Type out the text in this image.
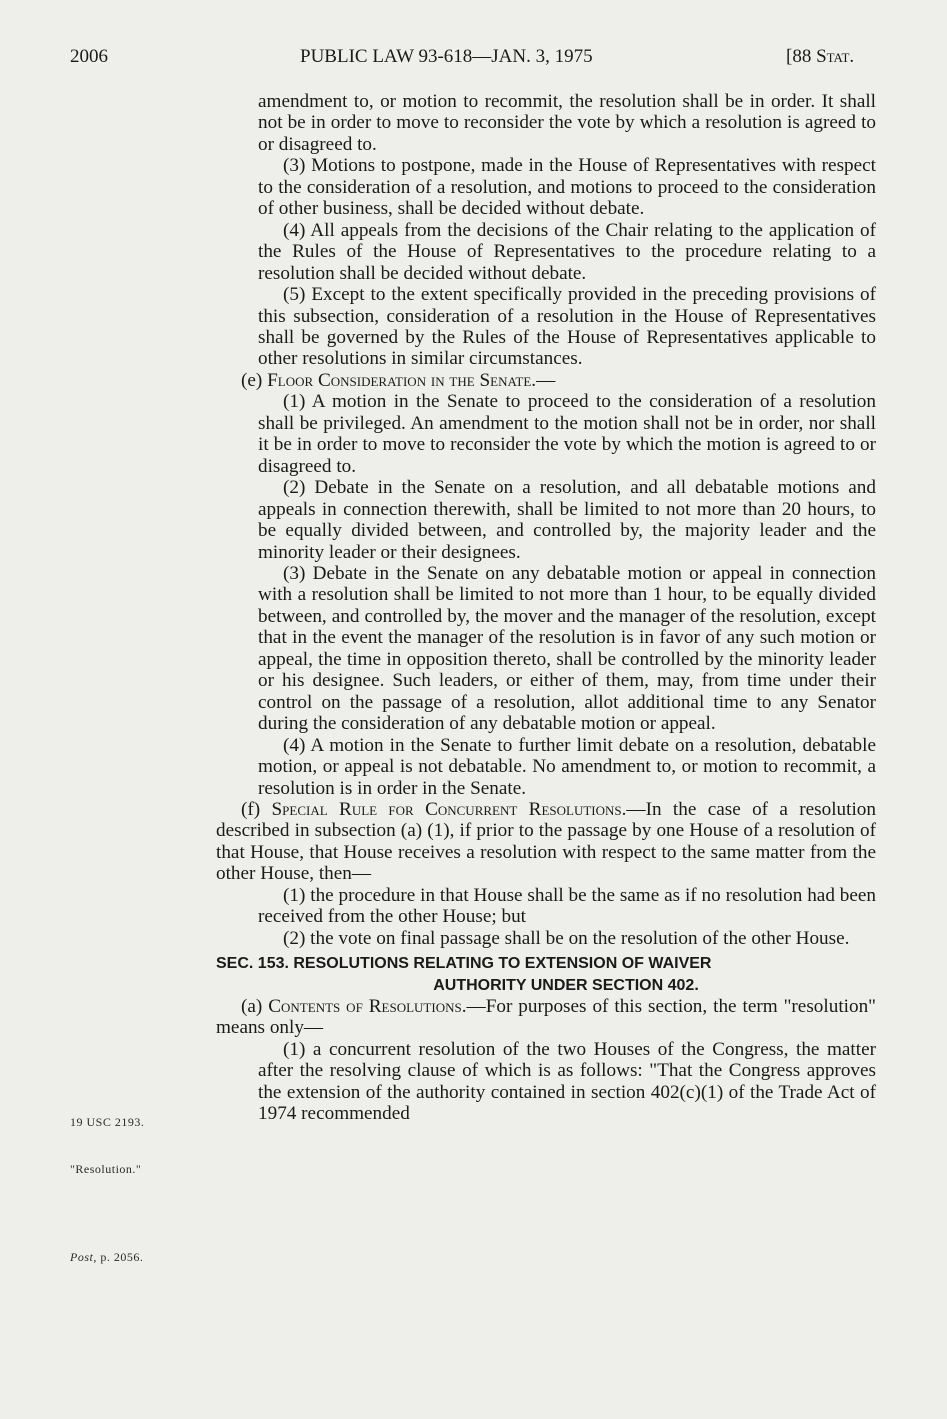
2006	PUBLIC LAW 93-618—JAN. 3, 1975	[88 Stat.

amendment to, or motion to recommit, the resolution shall be in order. It shall not be in order to move to reconsider the vote by which a resolution is agreed to or disagreed to.

(3) Motions to postpone, made in the House of Representatives with respect to the consideration of a resolution, and motions to proceed to the consideration of other business, shall be decided without debate.

(4) All appeals from the decisions of the Chair relating to the application of the Rules of the House of Representatives to the procedure relating to a resolution shall be decided without debate.

(5) Except to the extent specifically provided in the preceding provisions of this subsection, consideration of a resolution in the House of Representatives shall be governed by the Rules of the House of Representatives applicable to other resolutions in similar circumstances.

(e) Floor Consideration in the Senate.—

(1) A motion in the Senate to proceed to the consideration of a resolution shall be privileged. An amendment to the motion shall not be in order, nor shall it be in order to move to reconsider the vote by which the motion is agreed to or disagreed to.

(2) Debate in the Senate on a resolution, and all debatable motions and appeals in connection therewith, shall be limited to not more than 20 hours, to be equally divided between, and controlled by, the majority leader and the minority leader or their designees.

(3) Debate in the Senate on any debatable motion or appeal in connection with a resolution shall be limited to not more than 1 hour, to be equally divided between, and controlled by, the mover and the manager of the resolution, except that in the event the manager of the resolution is in favor of any such motion or appeal, the time in opposition thereto, shall be controlled by the minority leader or his designee. Such leaders, or either of them, may, from time under their control on the passage of a resolution, allot additional time to any Senator during the consideration of any debatable motion or appeal.

(4) A motion in the Senate to further limit debate on a resolution, debatable motion, or appeal is not debatable. No amendment to, or motion to recommit, a resolution is in order in the Senate.

(f) Special Rule for Concurrent Resolutions.—In the case of a resolution described in subsection (a) (1), if prior to the passage by one House of a resolution of that House, that House receives a resolution with respect to the same matter from the other House, then—

(1) the procedure in that House shall be the same as if no resolution had been received from the other House; but

(2) the vote on final passage shall be on the resolution of the other House.

SEC. 153. RESOLUTIONS RELATING TO EXTENSION OF WAIVER
AUTHORITY UNDER SECTION 402.

(a) Contents of Resolutions.—For purposes of this section, the term "resolution" means only—

(1) a concurrent resolution of the two Houses of the Congress, the matter after the resolving clause of which is as follows: "That the Congress approves the extension of the authority contained in section 402(c)(1) of the Trade Act of 1974 recommended

19 USC 2193.
"Resolution."
Post, p. 2056.
